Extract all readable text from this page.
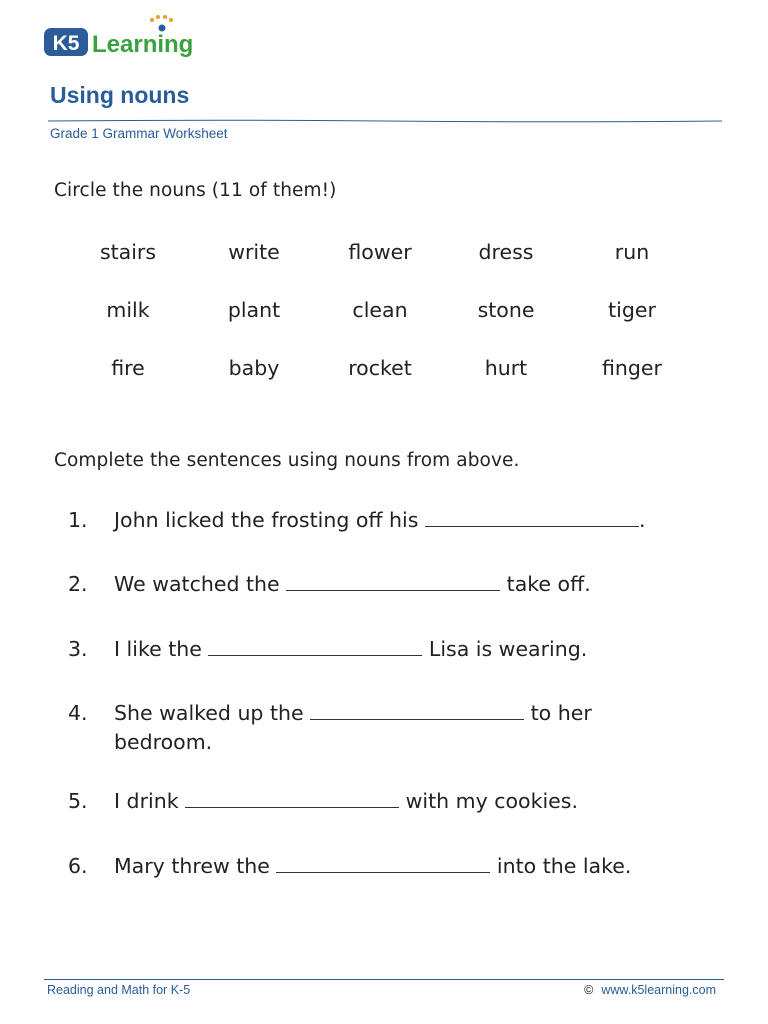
K5 Learning
Using nouns
Grade 1 Grammar Worksheet
Circle the nouns (11 of them!)
stairs	write	flower	dress	run
milk	plant	clean	stone	tiger
fire	baby	rocket	hurt	finger
Complete the sentences using nouns from above.
1.	John licked the frosting off his	.
2.	We watched the	take off.
3.	I like the	Lisa is wearing.
4.	She walked up the	to her bedroom.
5.	I drink	with my cookies.
6.	Mary threw the	into the lake.
Reading and Math for K-5	© www.k5learning.com
